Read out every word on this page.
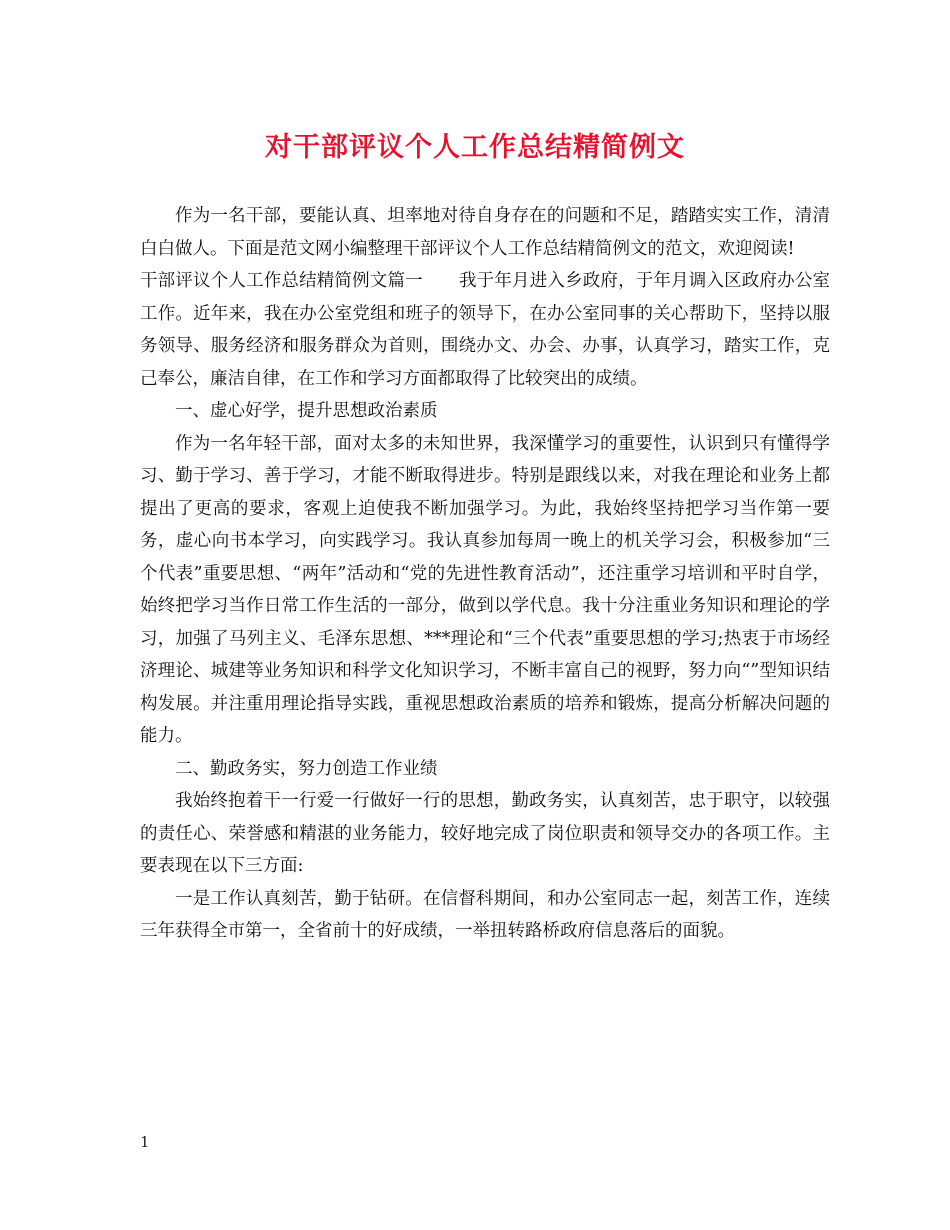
对干部评议个人工作总结精简例文

作为一名干部，要能认真、坦率地对待自身存在的问题和不足，踏踏实实工作，清清白白做人。下面是范文网小编整理干部评议个人工作总结精简例文的范文，欢迎阅读!

干部评议个人工作总结精简例文篇一 我于年月进入乡政府，于年月调入区政府办公室工作。近年来，我在办公室党组和班子的领导下，在办公室同事的关心帮助下，坚持以服务领导、服务经济和服务群众为首则，围绕办文、办会、办事，认真学习，踏实工作，克己奉公，廉洁自律，在工作和学习方面都取得了比较突出的成绩。

一、虚心好学，提升思想政治素质

作为一名年轻干部，面对太多的未知世界，我深懂学习的重要性，认识到只有懂得学习、勤于学习、善于学习，才能不断取得进步。特别是跟线以来，对我在理论和业务上都提出了更高的要求，客观上迫使我不断加强学习。为此，我始终坚持把学习当作第一要务，虚心向书本学习，向实践学习。我认真参加每周一晚上的机关学习会，积极参加“三个代表”重要思想、“两年”活动和“党的先进性教育活动”，还注重学习培训和平时自学，始终把学习当作日常工作生活的一部分，做到以学代息。我十分注重业务知识和理论的学习，加强了马列主义、毛泽东思想、***理论和“三个代表”重要思想的学习;热衷于市场经济理论、城建等业务知识和科学文化知识学习，不断丰富自己的视野，努力向“”型知识结构发展。并注重用理论指导实践，重视思想政治素质的培养和锻炼，提高分析解决问题的能力。

二、勤政务实，努力创造工作业绩

我始终抱着干一行爱一行做好一行的思想，勤政务实，认真刻苦，忠于职守，以较强的责任心、荣誉感和精湛的业务能力，较好地完成了岗位职责和领导交办的各项工作。主要表现在以下三方面:

一是工作认真刻苦，勤于钻研。在信督科期间，和办公室同志一起，刻苦工作，连续三年获得全市第一，全省前十的好成绩，一举扭转路桥政府信息落后的面貌。

1
